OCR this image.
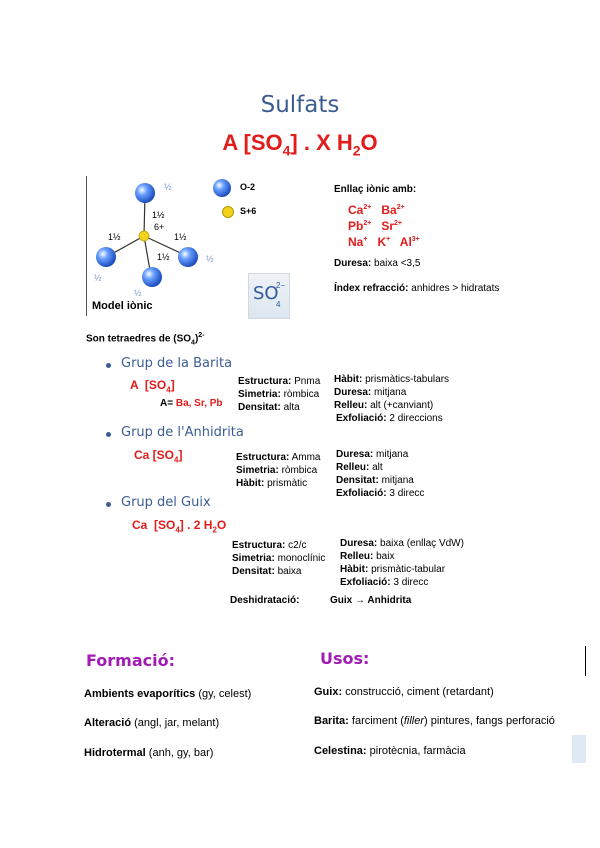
Sulfats
A $[SO_4]$ . X $H_2O$
½
1½
6+
1½	1½
1½
½
½
½
Model iònic
O-2
S+6
SO
4
2−
Enllaç iònic amb:
$Ca^{2+}$ $Ba^{2+}$
$Pb^{2+}$ $Sr^{2+}$
Na+ K+ $Al^{3+}$
Duresa: baixa <3,5
Índex refracció: anhidres > hidratats
Son tetraedres de $(SO_4)^{2-}$
Grup de la Barita
A  $[SO_4]$
A= Ba, Sr, Pb
Estructura: Pnma
Simetria: ròmbica
Densitat: alta
Hàbit: prismàtics-tabulars
Duresa: mitjana
Relleu: alt (+canviant)
Exfoliació: 2 direccions
Grup de l'Anhidrita
Ca $[SO_4]$	Estructura: Amma
Simetria: ròmbica
Hàbit: prismàtic
Duresa: mitjana
Relleu: alt
Densitat: mitjana
Exfoliació: 3 direcc
Grup del Guix
Ca  $[SO_4]$ . 2 $H_2O$
Estructura: c2/c
Simetria: monoclínic
Densitat: baixa
Duresa: baixa (enllaç VdW)
Relleu: baix
Hàbit: prismàtic-tabular
Exfoliació: 3 direcc
Deshidratació:	Guix → Anhidrita
Formació:
Ambients evaporítics (gy, celest)
Alteració (angl, jar, melant)
Hidrotermal (anh, gy, bar)
Usos:
Guix: construcció, ciment (retardant)
Barita: farciment (filler) pintures, fangs perforació
Celestina: pirotècnia, farmàcia
